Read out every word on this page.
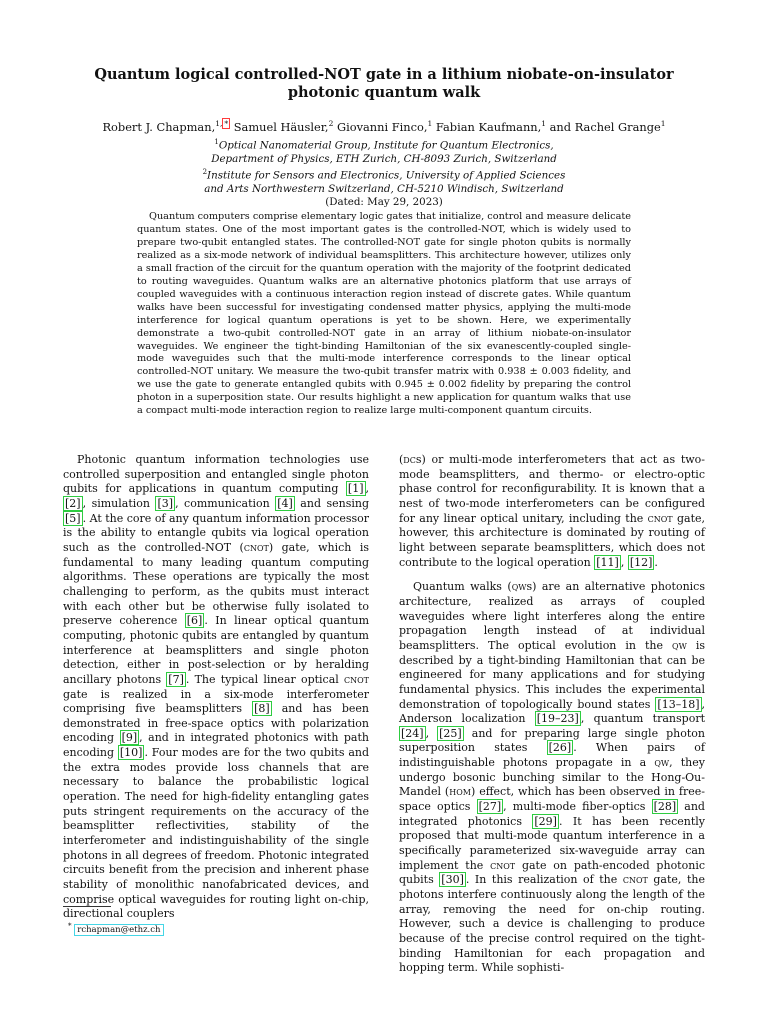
Quantum logical controlled-NOT gate in a lithium niobate-on-insulator photonic quantum walk
Robert J. Chapman,$^{1,}$ * Samuel Häusler,$^2$ Giovanni Finco,$^1$ Fabian Kaufmann,$^1$ and Rachel Grange$^1$
$^1$Optical Nanomaterial Group, Institute for Quantum Electronics,
Department of Physics, ETH Zurich, CH-8093 Zurich, Switzerland
$^2$Institute for Sensors and Electronics, University of Applied Sciences
and Arts Northwestern Switzerland, CH-5210 Windisch, Switzerland
(Dated: May 29, 2023)

Quantum computers comprise elementary logic gates that initialize, control and measure delicate quantum states. One of the most important gates is the controlled-NOT, which is widely used to prepare two-qubit entangled states. The controlled-NOT gate for single photon qubits is normally realized as a six-mode network of individual beamsplitters. This architecture however, utilizes only a small fraction of the circuit for the quantum operation with the majority of the footprint dedicated to routing waveguides. Quantum walks are an alternative photonics platform that use arrays of coupled waveguides with a continuous interaction region instead of discrete gates. While quantum walks have been successful for investigating condensed matter physics, applying the multi-mode interference for logical quantum operations is yet to be shown. Here, we experimentally demonstrate a two-qubit controlled-NOT gate in an array of lithium niobate-on-insulator waveguides. We engineer the tight-binding Hamiltonian of the six evanescently-coupled single-mode waveguides such that the multi-mode interference corresponds to the linear optical controlled-NOT unitary. We measure the two-qubit transfer matrix with 0.938 ± 0.003 fidelity, and we use the gate to generate entangled qubits with 0.945 ± 0.002 fidelity by preparing the control photon in a superposition state. Our results highlight a new application for quantum walks that use a compact multi-mode interaction region to realize large multi-component quantum circuits.

Photonic quantum information technologies use controlled superposition and entangled single photon qubits for applications in quantum computing [1] , [2] , simulation [3] , communication [4] and sensing [5] . At the core of any quantum information processor is the ability to entangle qubits via logical operation such as the controlled-NOT (cnot) gate, which is fundamental to many leading quantum computing algorithms. These operations are typically the most challenging to perform, as the qubits must interact with each other but be otherwise fully isolated to preserve coherence [6] . In linear optical quantum computing, photonic qubits are entangled by quantum interference at beamsplitters and single photon detection, either in post-selection or by heralding ancillary photons [7] . The typical linear optical cnot gate is realized in a six-mode interferometer comprising five beamsplitters [8] and has been demonstrated in free-space optics with polarization encoding [9] , and in integrated photonics with path encoding [10] . Four modes are for the two qubits and the extra modes provide loss channels that are necessary to balance the probabilistic logical operation. The need for high-fidelity entangling gates puts stringent requirements on the accuracy of the beamsplitter reflectivities, stability of the interferometer and indistinguishability of the single photons in all degrees of freedom. Photonic integrated circuits benefit from the precision and inherent phase stability of monolithic nanofabricated devices, and comprise optical waveguides for routing light on-chip, directional couplers

(dcs) or multi-mode interferometers that act as two-mode beamsplitters, and thermo- or electro-optic phase control for reconfigurability. It is known that a nest of two-mode interferometers can be configured for any linear optical unitary, including the cnot gate, however, this architecture is dominated by routing of light between separate beamsplitters, which does not contribute to the logical operation [11] , [12] .

Quantum walks (qws) are an alternative photonics architecture, realized as arrays of coupled waveguides where light interferes along the entire propagation length instead of at individual beamsplitters. The optical evolution in the qw is described by a tight-binding Hamiltonian that can be engineered for many applications and for studying fundamental physics. This includes the experimental demonstration of topologically bound states [13–18] , Anderson localization [19–23] , quantum transport [24] , [25] and for preparing large single photon superposition states [26] . When pairs of indistinguishable photons propagate in a qw, they undergo bosonic bunching similar to the Hong-Ou-Mandel (hom) effect, which has been observed in free-space optics [27] , multi-mode fiber-optics [28] and integrated photonics [29] . It has been recently proposed that multi-mode quantum interference in a specifically parameterized six-waveguide array can implement the cnot gate on path-encoded photonic qubits [30] . In this realization of the cnot gate, the photons interfere continuously along the length of the array, removing the need for on-chip routing. However, such a device is challenging to produce because of the precise control required on the tight-binding Hamiltonian for each propagation and hopping term. While sophisti-

* rchapman@ethz.ch
